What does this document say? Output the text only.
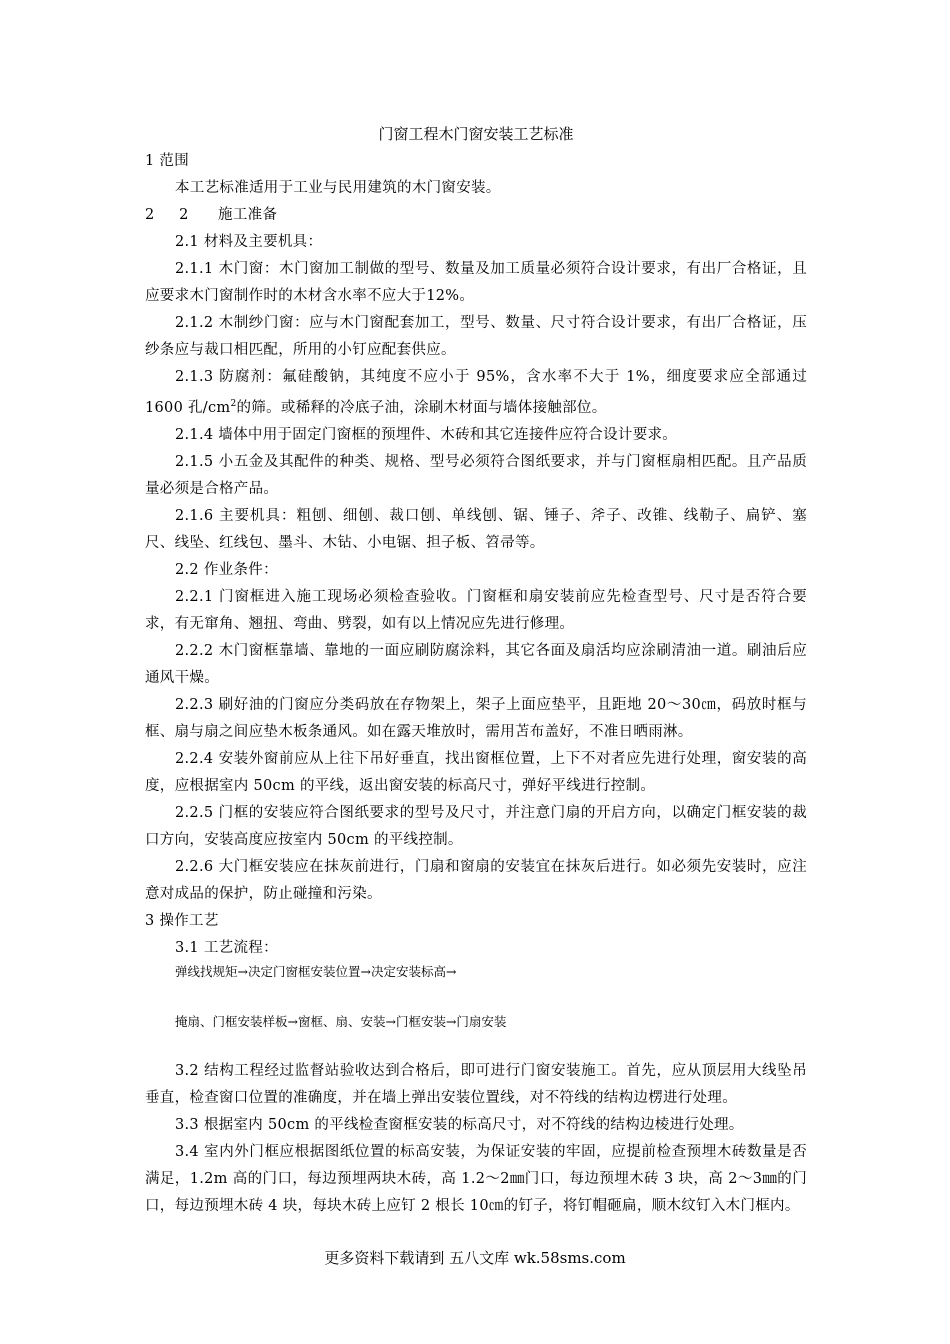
门窗工程木门窗安装工艺标准

1 范围

本工艺标准适用于工业与民用建筑的木门窗安装。

2     2      施工准备

2.1 材料及主要机具：

2.1.1 木门窗：木门窗加工制做的型号、数量及加工质量必须符合设计要求，有出厂合格证，且应要求木门窗制作时的木材含水率不应大于12%。

2.1.2 木制纱门窗：应与木门窗配套加工，型号、数量、尺寸符合设计要求，有出厂合格证，压纱条应与裁口相匹配，所用的小钉应配套供应。

2.1.3 防腐剂：氟硅酸钠，其纯度不应小于 95%，含水率不大于 1%，细度要求应全部通过 1600 孔$/cm^2$的筛。或稀释的冷底子油，涂刷木材面与墙体接触部位。

2.1.4 墙体中用于固定门窗框的预埋件、木砖和其它连接件应符合设计要求。

2.1.5 小五金及其配件的种类、规格、型号必须符合图纸要求，并与门窗框扇相匹配。且产品质量必须是合格产品。

2.1.6 主要机具：粗刨、细刨、裁口刨、单线刨、锯、锤子、斧子、改锥、线勒子、扁铲、塞尺、线坠、红线包、墨斗、木钻、小电锯、担子板、笤帚等。

2.2 作业条件：

2.2.1 门窗框进入施工现场必须检查验收。门窗框和扇安装前应先检查型号、尺寸是否符合要求，有无窜角、翘扭、弯曲、劈裂，如有以上情况应先进行修理。

2.2.2 木门窗框靠墙、靠地的一面应刷防腐涂料，其它各面及扇活均应涂刷清油一道。刷油后应通风干燥。

2.2.3 刷好油的门窗应分类码放在存物架上，架子上面应垫平，且距地 20～30㎝，码放时框与框、扇与扇之间应垫木板条通风。如在露天堆放时，需用苫布盖好，不准日晒雨淋。

2.2.4 安装外窗前应从上往下吊好垂直，找出窗框位置，上下不对者应先进行处理，窗安装的高度，应根据室内 50cm 的平线，返出窗安装的标高尺寸，弹好平线进行控制。

2.2.5 门框的安装应符合图纸要求的型号及尺寸，并注意门扇的开启方向，以确定门框安装的裁口方向，安装高度应按室内 50cm 的平线控制。

2.2.6 大门框安装应在抹灰前进行，门扇和窗扇的安装宜在抹灰后进行。如必须先安装时，应注意对成品的保护，防止碰撞和污染。

3 操作工艺

3.1 工艺流程：

弹线找规矩→决定门窗框安装位置→决定安装标高→

掩扇、门框安装样板→窗框、扇、安装→门框安装→门扇安装

3.2 结构工程经过监督站验收达到合格后，即可进行门窗安装施工。首先，应从顶层用大线坠吊垂直，检查窗口位置的准确度，并在墙上弹出安装位置线，对不符线的结构边楞进行处理。

3.3 根据室内 50cm 的平线检查窗框安装的标高尺寸，对不符线的结构边棱进行处理。

3.4 室内外门框应根据图纸位置的标高安装，为保证安装的牢固，应提前检查预埋木砖数量是否满足，1.2m 高的门口，每边预埋两块木砖，高 1.2～2㎜门口，每边预埋木砖 3 块，高 2～3㎜的门口，每边预埋木砖 4 块，每块木砖上应钉 2 根长 10㎝的钉子，将钉帽砸扁，顺木纹钉入木门框内。

更多资料下载请到 五八文库 wk.58sms.com
